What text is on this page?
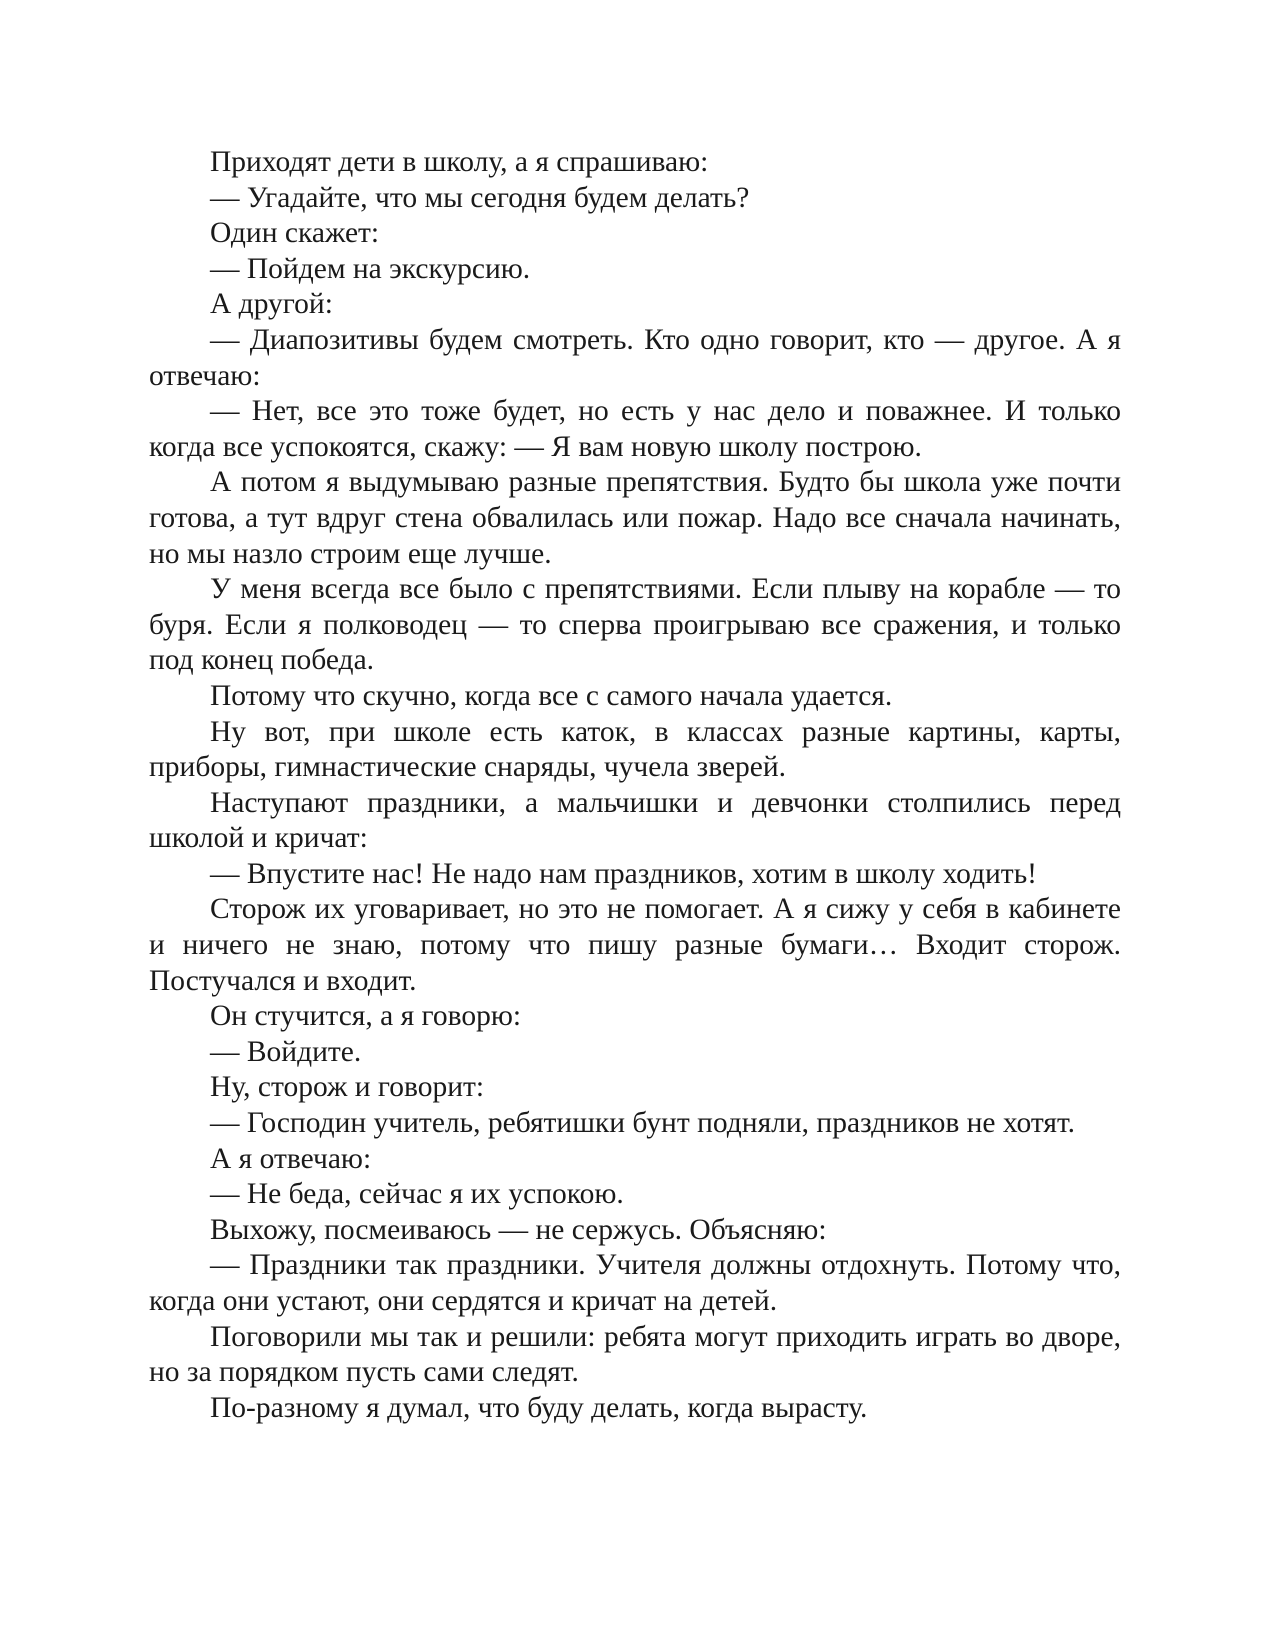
Приходят дети в школу, а я спрашиваю:

— Угадайте, что мы сегодня будем делать?

Один скажет:

— Пойдем на экскурсию.

А другой:

— Диапозитивы будем смотреть. Кто одно говорит, кто — другое. А я отвечаю:

— Нет, все это тоже будет, но есть у нас дело и поважнее. И только когда все успокоятся, скажу: — Я вам новую школу построю.

А потом я выдумываю разные препятствия. Будто бы школа уже почти готова, а тут вдруг стена обвалилась или пожар. Надо все сначала начинать, но мы назло строим еще лучше.

У меня всегда все было с препятствиями. Если плыву на корабле — то буря. Если я полководец — то сперва проигрываю все сражения, и только под конец победа.

Потому что скучно, когда все с самого начала удается.

Ну вот, при школе есть каток, в классах разные картины, карты, приборы, гимнастические снаряды, чучела зверей.

Наступают праздники, а мальчишки и девчонки столпились перед школой и кричат:

— Впустите нас! Не надо нам праздников, хотим в школу ходить!

Сторож их уговаривает, но это не помогает. А я сижу у себя в кабинете и ничего не знаю, потому что пишу разные бумаги… Входит сторож. Постучался и входит.

Он стучится, а я говорю:

— Войдите.

Ну, сторож и говорит:

— Господин учитель, ребятишки бунт подняли, праздников не хотят.

А я отвечаю:

— Не беда, сейчас я их успокою.

Выхожу, посмеиваюсь — не сержусь. Объясняю:

— Праздники так праздники. Учителя должны отдохнуть. Потому что, когда они устают, они сердятся и кричат на детей.

Поговорили мы так и решили: ребята могут приходить играть во дворе, но за порядком пусть сами следят.

По-разному я думал, что буду делать, когда вырасту.
